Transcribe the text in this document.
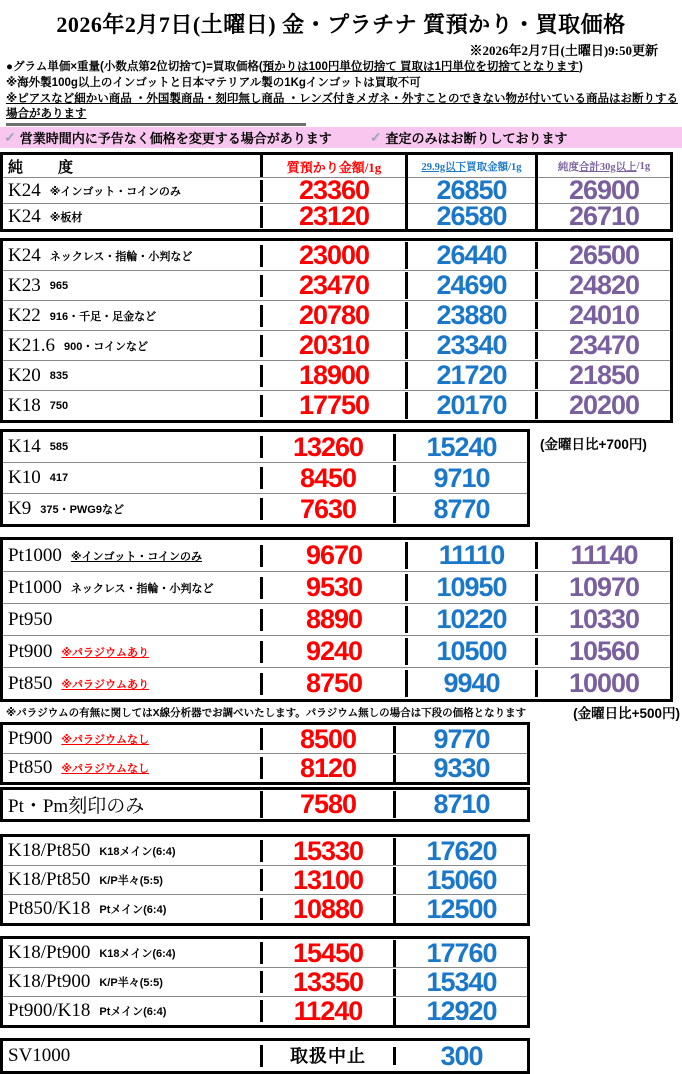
2026年2月7日(土曜日) 金・プラチナ 質預かり・買取価格
※2026年2月7日(土曜日)9:50更新
●グラム単価×重量(小数点第2位切捨て)=買取価格(預かりは100円単位切捨て 買取は1円単位を切捨てとなります)
※海外製100g以上のインゴットと日本マテリアル製の1Kgインゴットは買取不可
※ピアスなど細かい商品 ・外国製商品・刻印無し商品 ・レンズ付きメガネ・外すことのできない物が付いている商品はお断りする場合があります
✓ 営業時間内に予告なく価格を変更する場合があります	✓ 査定のみはお断りしております
純　度	質預かり金額/1g	29.9g以下 買取金額/1g	純度 合計30g以上 /1g
K24 ※インゴット・コインのみ	23360	26850	26900
K24 ※板材	23120	26580	26710
K24 ネックレス・指輪・小判など	23000	26440	26500
K23 965	23470	24690	24820
K22 916・千足・足金など	20780	23880	24010
K21.6 900・コインなど	20310	23340	23470
K20 835	18900	21720	21850
K18 750	17750	20170	20200
K14 585	13260	15240
K10 417	8450	9710
K9 375・PWG9など	7630	8770
(金曜日比+700円)
Pt1000 ※インゴット・コインのみ	9670	11110	11140
Pt1000 ネックレス・指輪・小判など	9530	10950	10970
Pt950	8890	10220	10330
Pt900 ※パラジウムあり	9240	10500	10560
Pt850 ※パラジウムあり	8750	9940	10000
※パラジウムの有無に関してはX線分析器でお調べいたします。パラジウム無しの場合は下段の価格となります	(金曜日比+500円)
Pt900 ※パラジウムなし	8500	9770
Pt850 ※パラジウムなし	8120	9330
Pt・Pm刻印のみ	7580	8710
K18/Pt850 K18メイン(6:4)	15330	17620
K18/Pt850 K/P半々(5:5)	13100	15060
Pt850/K18 Ptメイン(6:4)	10880	12500
K18/Pt900 K18メイン(6:4)	15450	17760
K18/Pt900 K/P半々(5:5)	13350	15340
Pt900/K18 Ptメイン(6:4)	11240	12920
SV1000	取扱中止	300
